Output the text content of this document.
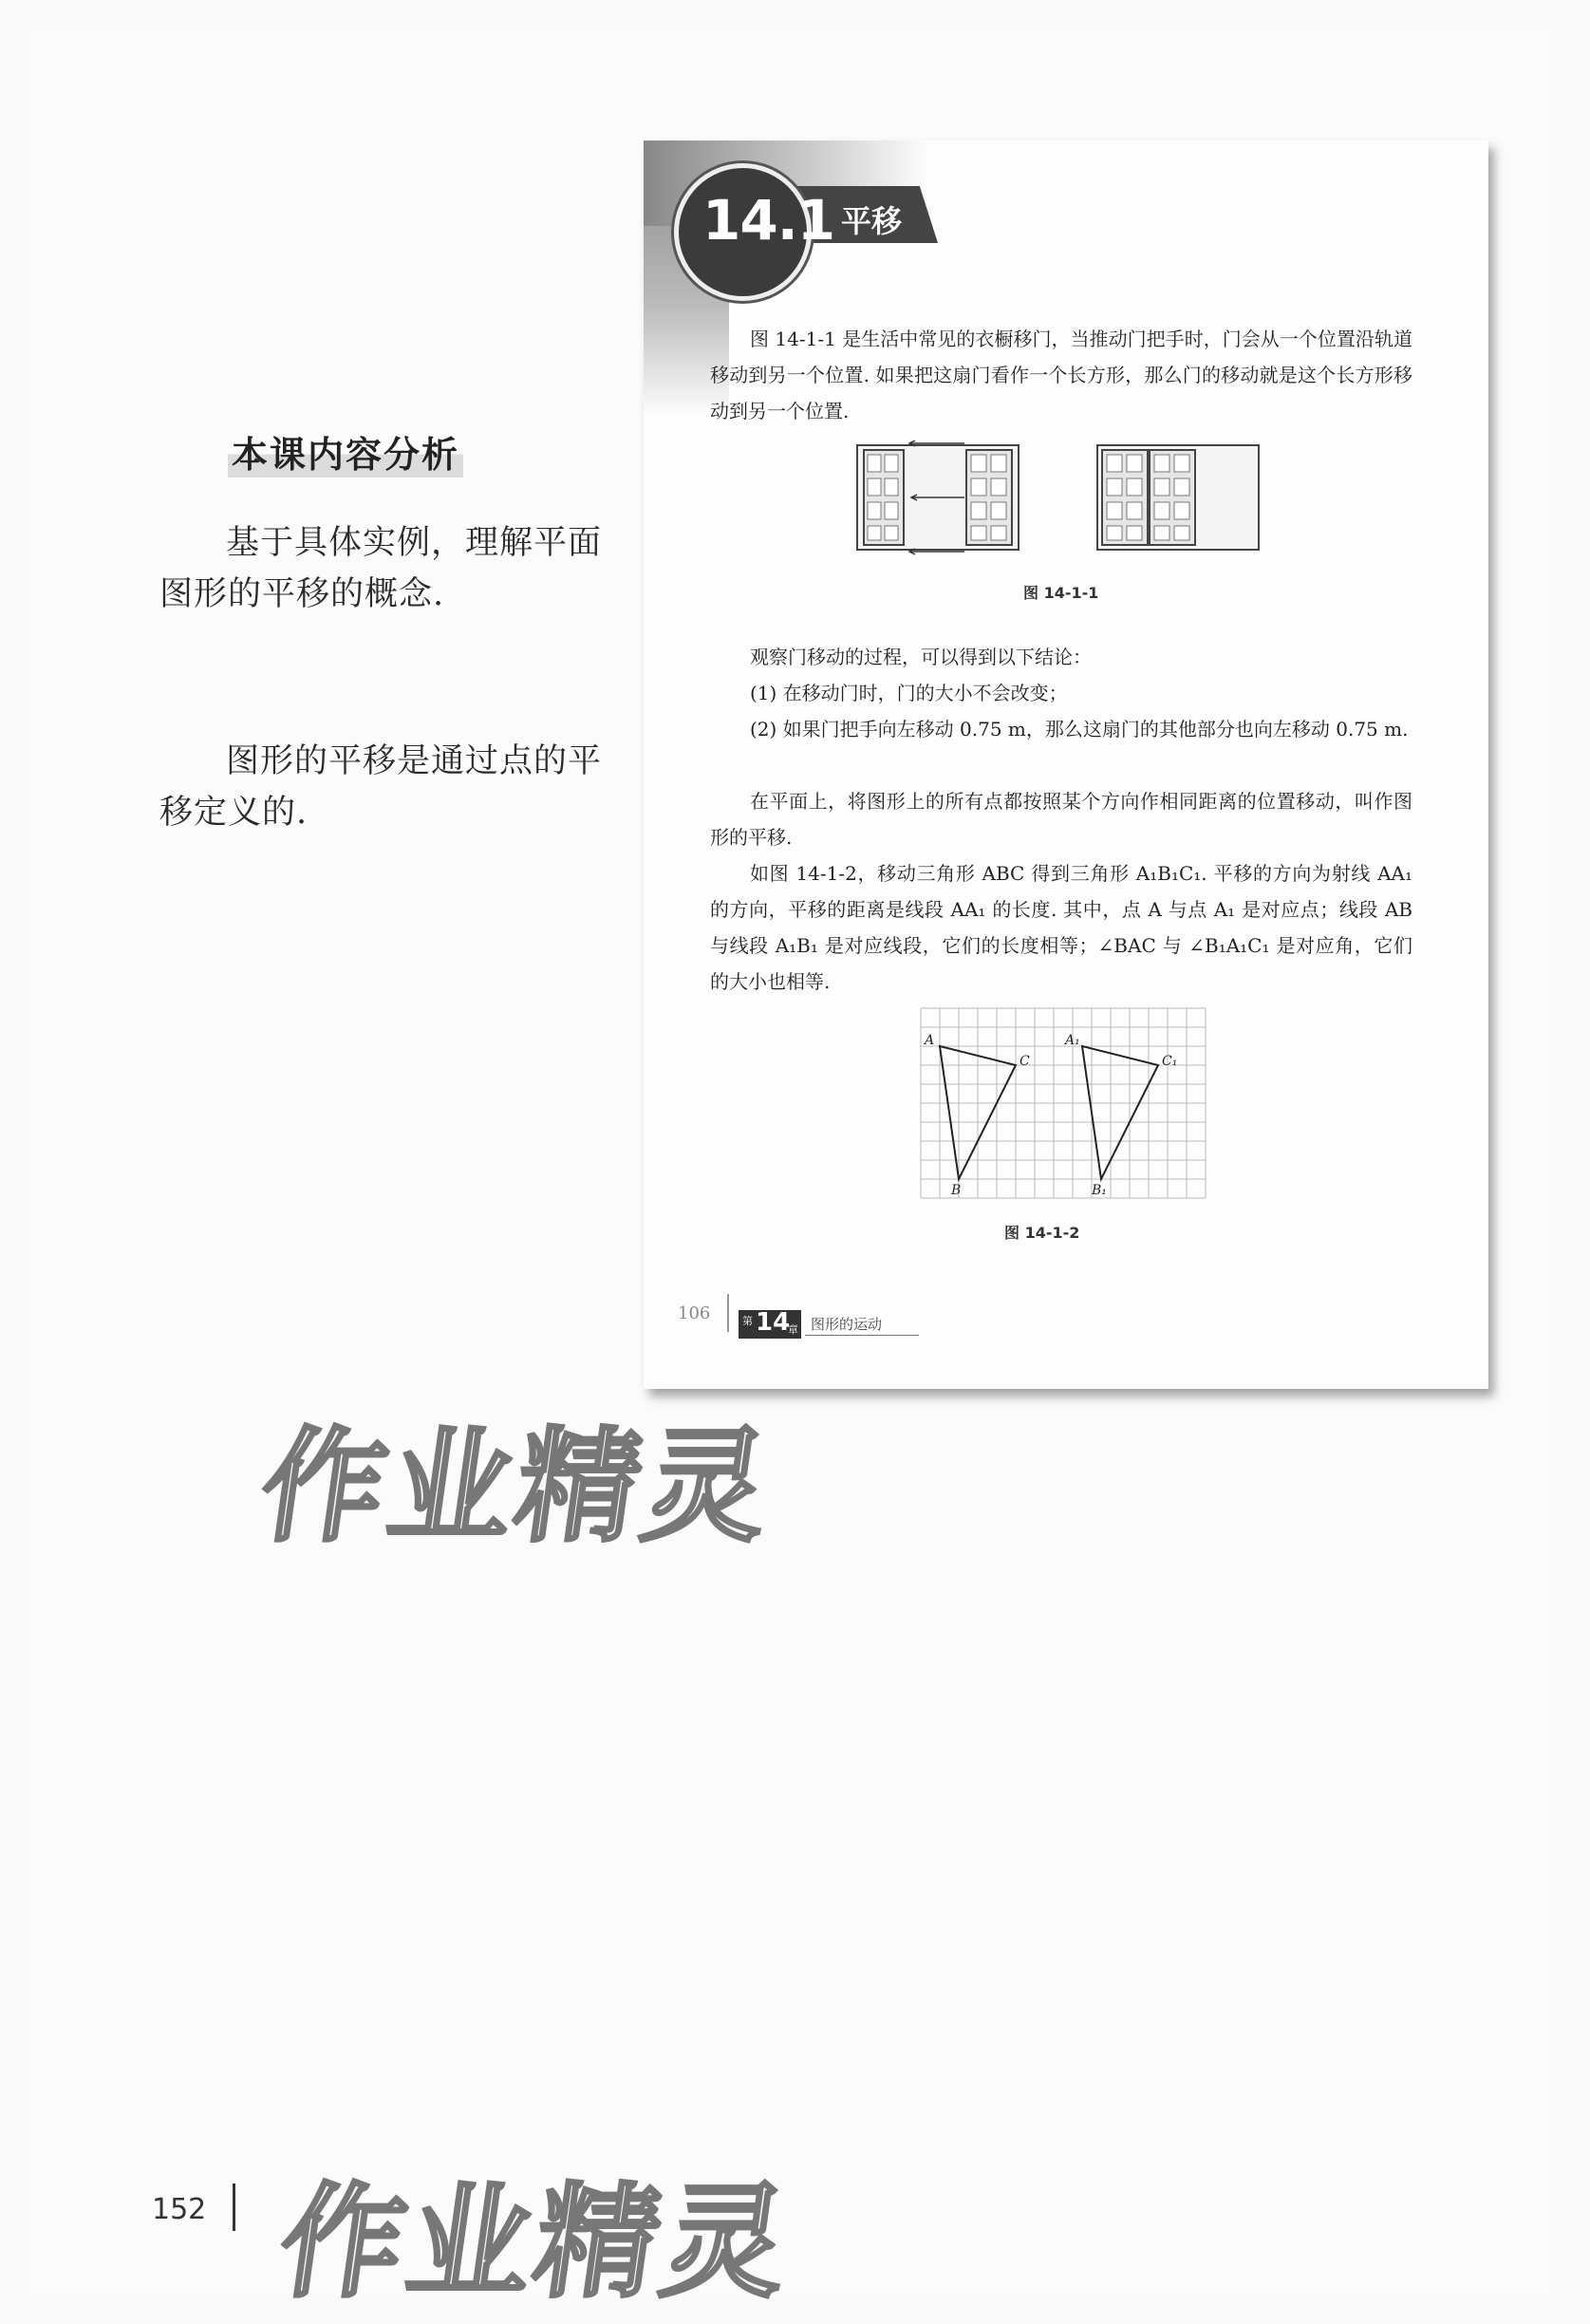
本课内容分析
基于具体实例，理解平面图形的平移的概念.
图形的平移是通过点的平移定义的.
14.1 平移
图 14-1-1 是生活中常见的衣橱移门，当推动门把手时，门会从一个位置沿轨道移动到另一个位置. 如果把这扇门看作一个长方形，那么门的移动就是这个长方形移动到另一个位置.
图 14-1-1
观察门移动的过程，可以得到以下结论：
(1) 在移动门时，门的大小不会改变；
(2) 如果门把手向左移动 0.75 m，那么这扇门的其他部分也向左移动 0.75 m.
在平面上，将图形上的所有点都按照某个方向作相同距离的位置移动，叫作图形的平移.
如图 14-1-2，移动三角形 ABC 得到三角形 A₁B₁C₁. 平移的方向为射线 AA₁ 的方向，平移的距离是线段 AA₁ 的长度. 其中，点 A 与点 A₁ 是对应点；线段 AB 与线段 A₁B₁ 是对应线段，它们的长度相等；∠BAC 与 ∠B₁A₁C₁ 是对应角，它们的大小也相等.
A
C
B
A₁
C₁
B₁
图 14-1-2
106	第 14
章 图形的运动
作业精灵
作业精灵
152
